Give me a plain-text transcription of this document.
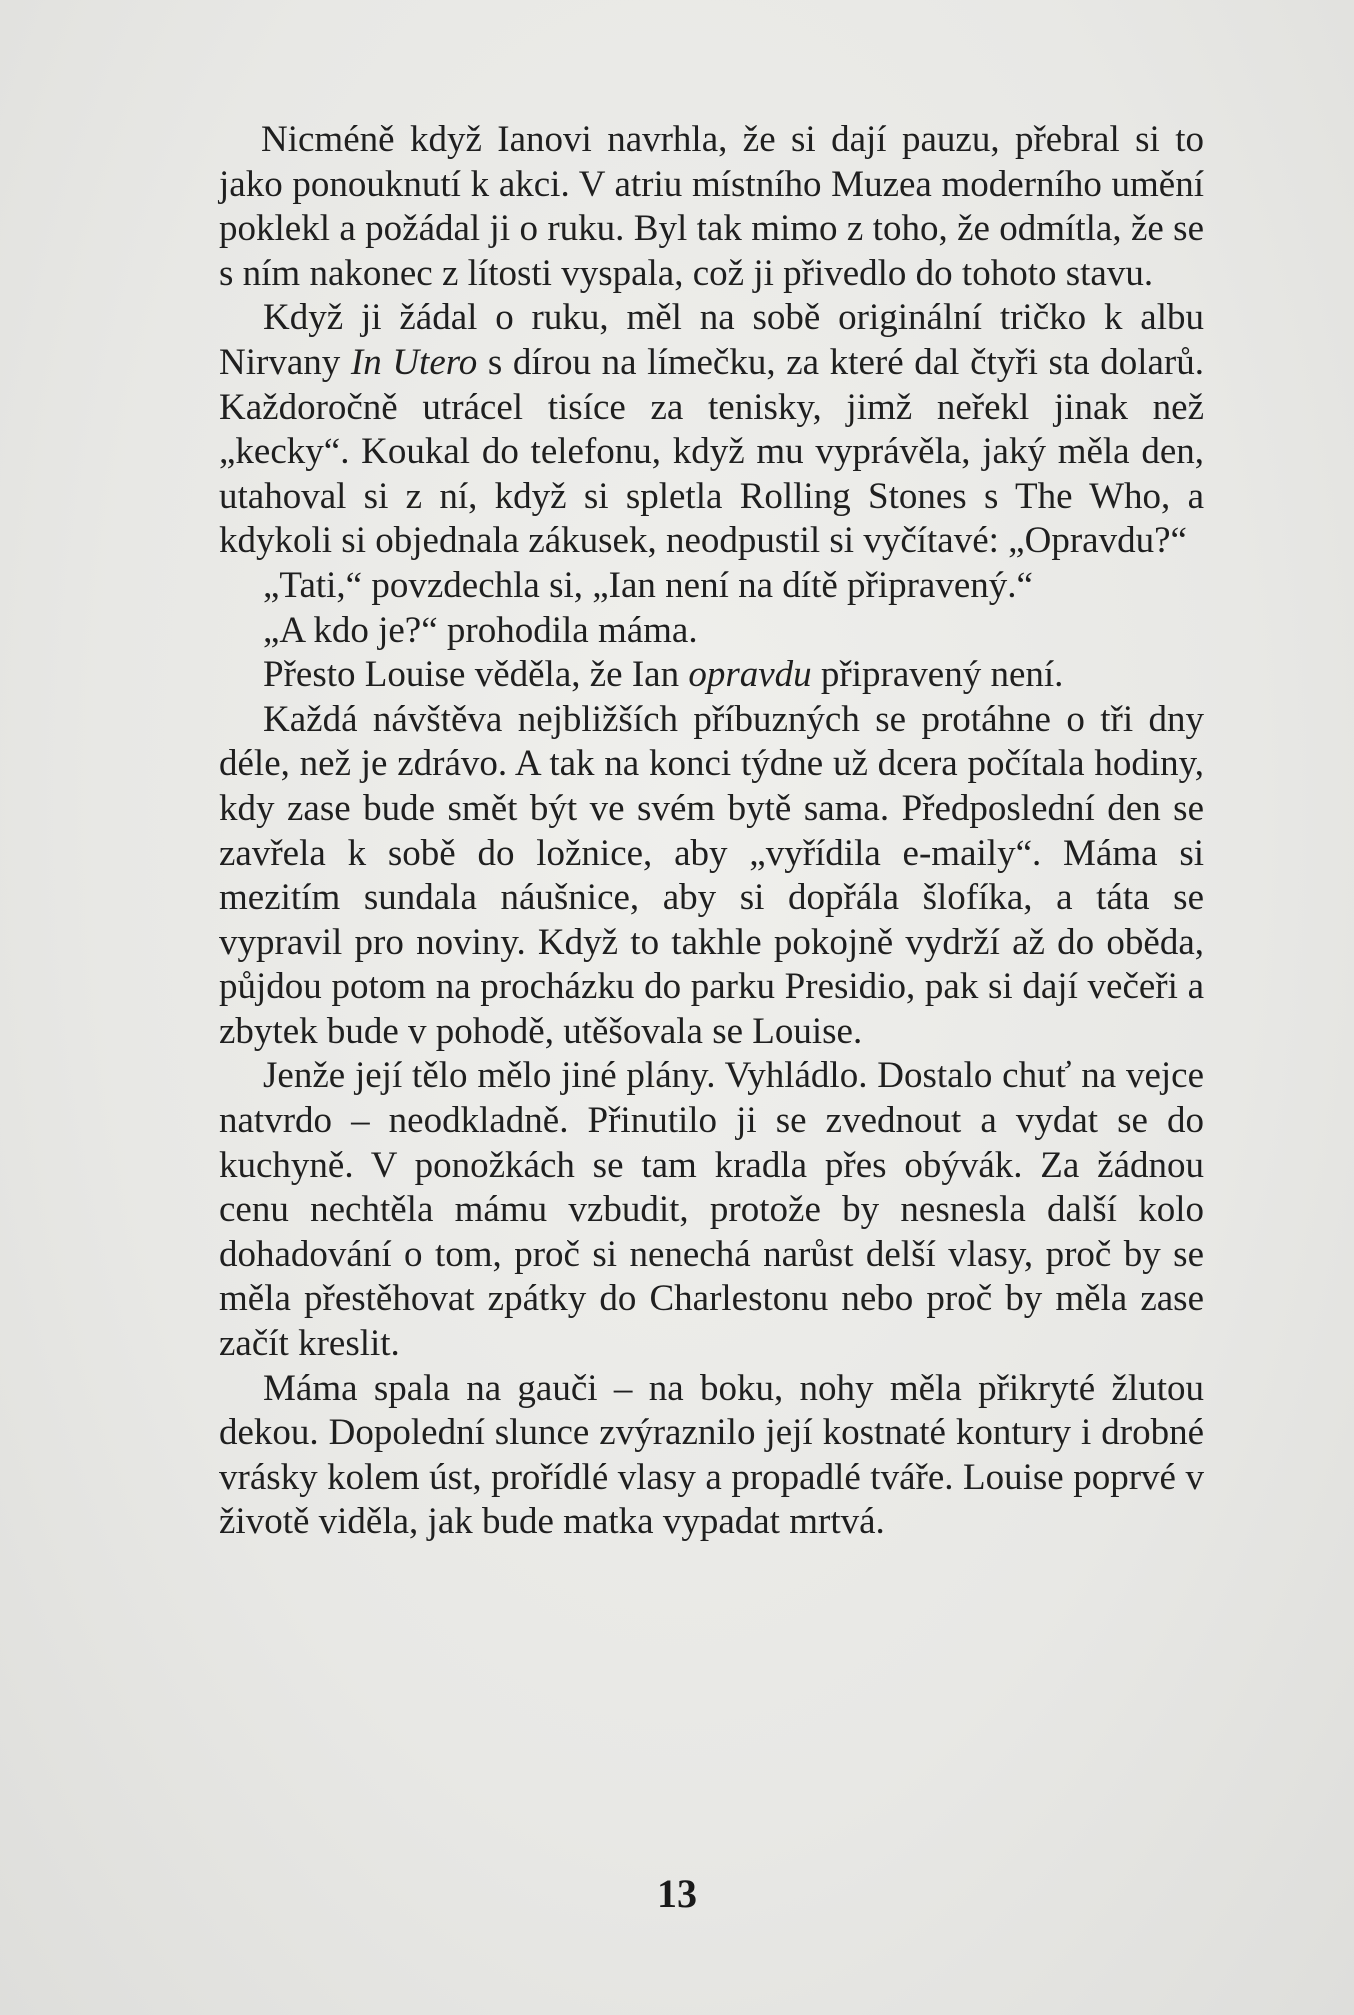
Nicméně když Ianovi navrhla, že si dají pauzu, přebral si to jako ponouknutí k akci. V atriu místního Muzea moderního umění poklekl a požádal ji o ruku. Byl tak mimo z toho, že odmítla, že se s ním nakonec z lítosti vyspala, což ji přivedlo do tohoto stavu.

Když ji žádal o ruku, měl na sobě originální tričko k albu Nirvany In Utero s dírou na límečku, za které dal čtyři sta dolarů. Každoročně utrácel tisíce za tenisky, jimž neřekl jinak než „kecky“. Koukal do telefonu, když mu vyprávěla, jaký měla den, utahoval si z ní, když si spletla Rolling Stones s The Who, a kdykoli si objednala zákusek, neodpustil si vyčítavé: „Opravdu?“

„Tati,“ povzdechla si, „Ian není na dítě připravený.“

„A kdo je?“ prohodila máma.

Přesto Louise věděla, že Ian opravdu připravený není.

Každá návštěva nejbližších příbuzných se protáhne o tři dny déle, než je zdrávo. A tak na konci týdne už dcera počítala hodiny, kdy zase bude smět být ve svém bytě sama. Předposlední den se zavřela k sobě do ložnice, aby „vyřídila e-maily“. Máma si mezitím sundala náušnice, aby si dopřála šlofíka, a táta se vypravil pro noviny. Když to takhle pokojně vydrží až do oběda, půjdou potom na procházku do parku Presidio, pak si dají večeři a zbytek bude v pohodě, utěšovala se Louise.

Jenže její tělo mělo jiné plány. Vyhládlo. Dostalo chuť na vejce natvrdo – neodkladně. Přinutilo ji se zvednout a vydat se do kuchyně. V ponožkách se tam kradla přes obývák. Za žádnou cenu nechtěla mámu vzbudit, protože by nesnesla další kolo dohadování o tom, proč si nenechá narůst delší vlasy, proč by se měla přestěhovat zpátky do Charlestonu nebo proč by měla zase začít kreslit.

Máma spala na gauči – na boku, nohy měla přikryté žlutou dekou. Dopolední slunce zvýraznilo její kostnaté kontury i drobné vrásky kolem úst, prořídlé vlasy a propadlé tváře. Louise poprvé v životě viděla, jak bude matka vypadat mrtvá.

13
